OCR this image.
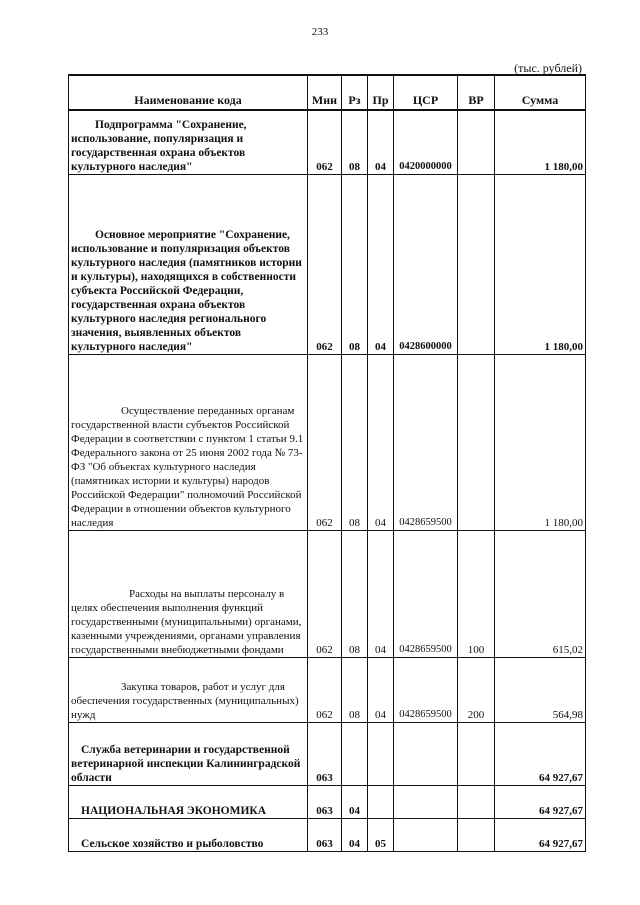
233
(тыс. рублей)
Наименование кода	Мин	Рз	Пр	ЦСР	ВР	Сумма
Подпрограмма "Сохранение, использование, популяризация и государственная охрана объектов культурного наследия"	062	08	04	0420000000		1 180,00
Основное мероприятие "Сохранение, использование и популяризация объектов культурного наследия (памятников истории и культуры), находящихся в собственности субъекта Российской Федерации, государственная охрана объектов культурного наследия регионального значения, выявленных объектов культурного наследия"	062	08	04	0428600000		1 180,00
Осуществление переданных органам государственной власти субъектов Российской Федерации в соответствии с пунктом 1 статьи 9.1 Федерального закона от 25 июня 2002 года № 73-ФЗ "Об объектах культурного наследия (памятниках истории и культуры) народов Российской Федерации" полномочий Российской Федерации в отношении объектов культурного наследия	062	08	04	0428659500		1 180,00
Расходы на выплаты персоналу в целях обеспечения выполнения функций государственными (муниципальными) органами, казенными учреждениями, органами управления государственными внебюджетными фондами	062	08	04	0428659500	100	615,02
Закупка товаров, работ и услуг для обеспечения государственных (муниципальных) нужд	062	08	04	0428659500	200	564,98
Служба ветеринарии и государственной ветеринарной инспекции Калининградской области	063					64 927,67
НАЦИОНАЛЬНАЯ ЭКОНОМИКА	063	04				64 927,67
Сельское хозяйство и рыболовство	063	04	05			64 927,67
